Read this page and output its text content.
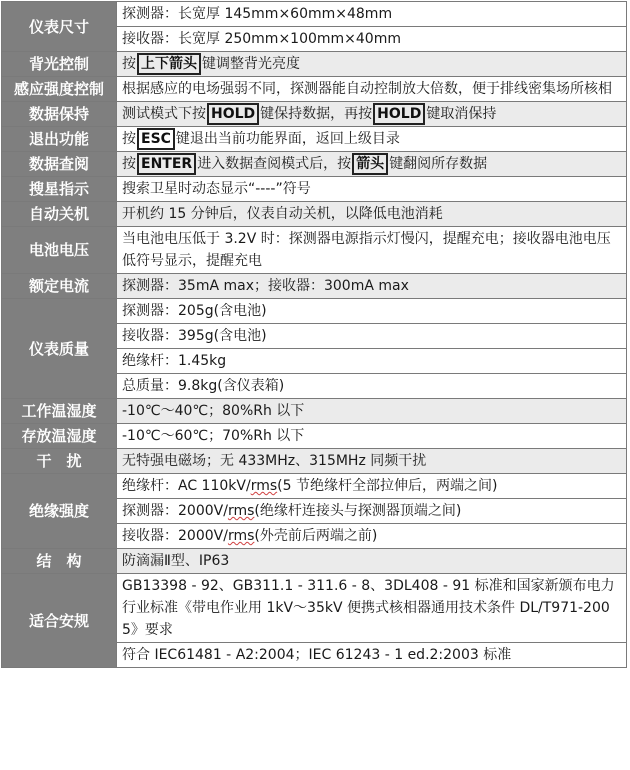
仪表尺寸	探测器：长宽厚 145mm×60mm×48mm
	接收器：长宽厚 250mm×100mm×40mm
背光控制	按 上下箭头 键调整背光亮度
感应强度控制	根据感应的电场强弱不同，探测器能自动控制放大倍数，便于排线密集场所核相
数据保持	测试模式下按 HOLD 键保持数据，再按 HOLD 键取消保持
退出功能	按 ESC 键退出当前功能界面，返回上级目录
数据查阅	按 ENTER 进入数据查阅模式后，按 箭头 键翻阅所存数据
搜星指示	搜索卫星时动态显示“----”符号
自动关机	开机约 15 分钟后，仪表自动关机，以降低电池消耗
电池电压	当电池电压低于 3.2V 时：探测器电源指示灯慢闪，提醒充电；接收器电池电压低符号显示，提醒充电
额定电流	探测器：35mA max；接收器：300mA max
仪表质量	探测器：205g(含电池)
	接收器：395g(含电池)
	绝缘杆：1.45kg
	总质量：9.8kg(含仪表箱)
工作温湿度	-10℃～40℃；80%Rh 以下
存放温湿度	-10℃～60℃；70%Rh 以下
干　扰	无特强电磁场；无 433MHz、315MHz 同频干扰
绝缘强度	绝缘杆：AC 110kV/rms(5 节绝缘杆全部拉伸后，两端之间)
	探测器：2000V/rms(绝缘杆连接头与探测器顶端之间)
	接收器：2000V/rms(外壳前后两端之前)
结　构	防滴漏Ⅱ型、IP63
适合安规	GB13398 - 92、GB311.1 - 311.6 - 8、3DL408 - 91 标准和国家新颁布电力行业标准《带电作业用 1kV～35kV 便携式核相器通用技术条件 DL/T971-2005》要求
	符合 IEC61481 - A2:2004；IEC 61243 - 1 ed.2:2003 标准
